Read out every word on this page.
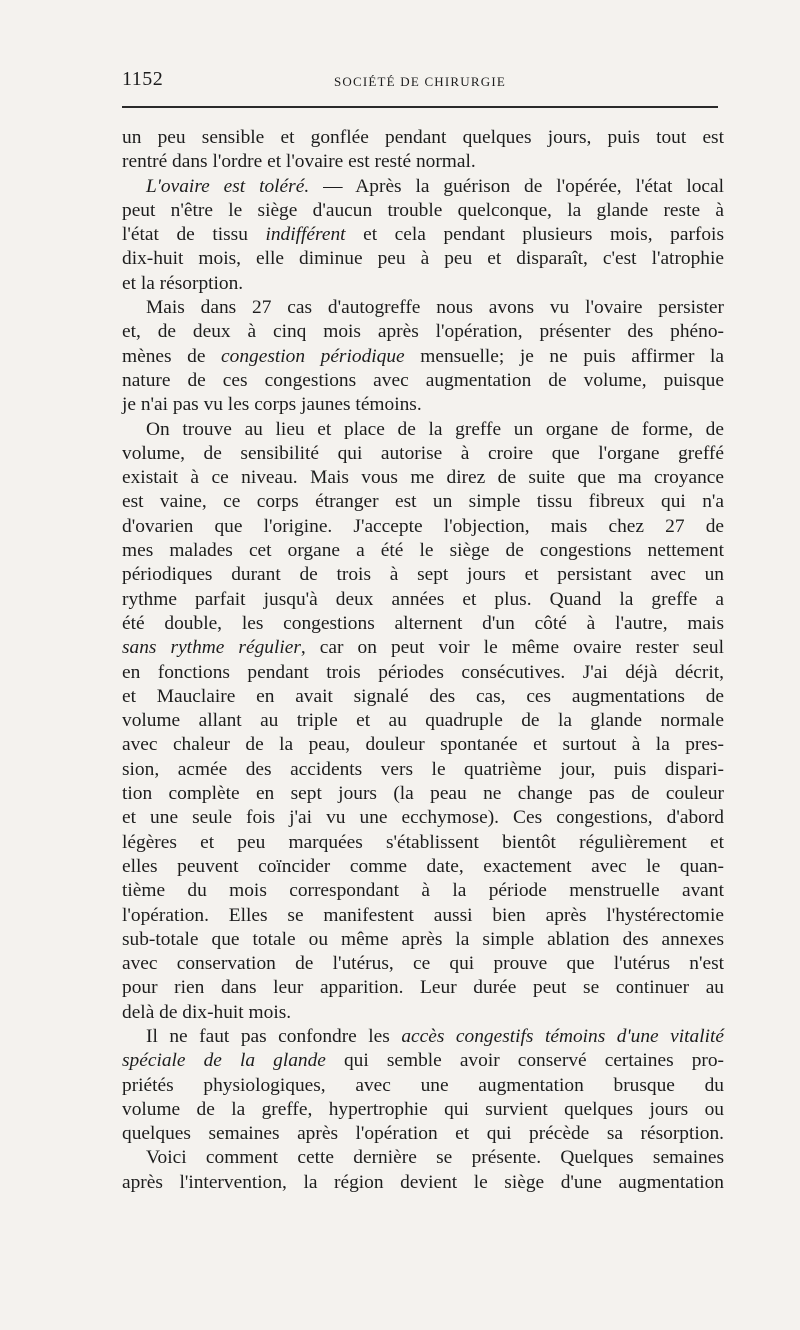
1152	SOCIÉTÉ DE CHIRURGIE
un peu sensible et gonflée pendant quelques jours, puis tout est
rentré dans l'ordre et l'ovaire est resté normal.
L'ovaire est toléré. — Après la guérison de l'opérée, l'état local
peut n'être le siège d'aucun trouble quelconque, la glande reste à
l'état de tissu indifférent et cela pendant plusieurs mois, parfois
dix-huit mois, elle diminue peu à peu et disparaît, c'est l'atrophie
et la résorption.
Mais dans 27 cas d'autogreffe nous avons vu l'ovaire persister
et, de deux à cinq mois après l'opération, présenter des phéno-
mènes de congestion périodique mensuelle; je ne puis affirmer la
nature de ces congestions avec augmentation de volume, puisque
je n'ai pas vu les corps jaunes témoins.
On trouve au lieu et place de la greffe un organe de forme, de
volume, de sensibilité qui autorise à croire que l'organe greffé
existait à ce niveau. Mais vous me direz de suite que ma croyance
est vaine, ce corps étranger est un simple tissu fibreux qui n'a
d'ovarien que l'origine. J'accepte l'objection, mais chez 27 de
mes malades cet organe a été le siège de congestions nettement
périodiques durant de trois à sept jours et persistant avec un
rythme parfait jusqu'à deux années et plus. Quand la greffe a
été double, les congestions alternent d'un côté à l'autre, mais
sans rythme régulier, car on peut voir le même ovaire rester seul
en fonctions pendant trois périodes consécutives. J'ai déjà décrit,
et Mauclaire en avait signalé des cas, ces augmentations de
volume allant au triple et au quadruple de la glande normale
avec chaleur de la peau, douleur spontanée et surtout à la pres-
sion, acmée des accidents vers le quatrième jour, puis dispari-
tion complète en sept jours (la peau ne change pas de couleur
et une seule fois j'ai vu une ecchymose). Ces congestions, d'abord
légères et peu marquées s'établissent bientôt régulièrement et
elles peuvent coïncider comme date, exactement avec le quan-
tième du mois correspondant à la période menstruelle avant
l'opération. Elles se manifestent aussi bien après l'hystérectomie
sub-totale que totale ou même après la simple ablation des annexes
avec conservation de l'utérus, ce qui prouve que l'utérus n'est
pour rien dans leur apparition. Leur durée peut se continuer au
delà de dix-huit mois.
Il ne faut pas confondre les accès congestifs témoins d'une vitalité
spéciale de la glande qui semble avoir conservé certaines pro-
priétés physiologiques, avec une augmentation brusque du
volume de la greffe, hypertrophie qui survient quelques jours ou
quelques semaines après l'opération et qui précède sa résorption.
Voici comment cette dernière se présente. Quelques semaines
après l'intervention, la région devient le siège d'une augmentation
